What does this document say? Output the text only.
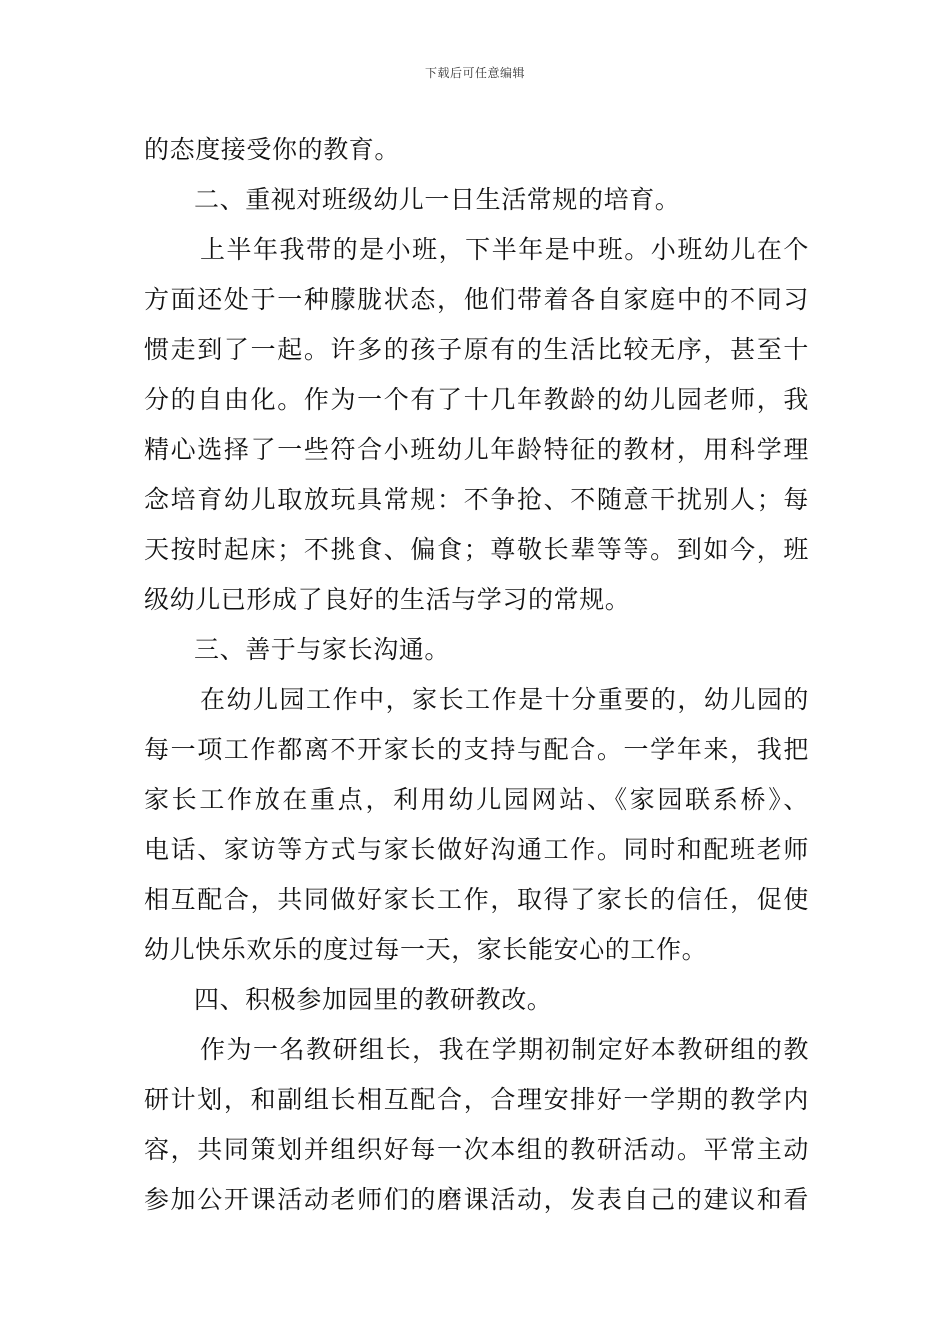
下载后可任意编辑
的态度接受你的教育。
二、重视对班级幼儿一日生活常规的培育。
上半年我带的是小班，下半年是中班。小班幼儿在个
方面还处于一种朦胧状态，他们带着各自家庭中的不同习
惯走到了一起。许多的孩子原有的生活比较无序，甚至十
分的自由化。作为一个有了十几年教龄的幼儿园老师，我
精心选择了一些符合小班幼儿年龄特征的教材，用科学理
念培育幼儿取放玩具常规：不争抢、不随意干扰别人；每
天按时起床；不挑食、偏食；尊敬长辈等等。到如今，班
级幼儿已形成了良好的生活与学习的常规。
三、善于与家长沟通。
在幼儿园工作中，家长工作是十分重要的，幼儿园的
每一项工作都离不开家长的支持与配合。一学年来，我把
家长工作放在重点，利用幼儿园网站、《家园联系桥》、
电话、家访等方式与家长做好沟通工作。同时和配班老师
相互配合，共同做好家长工作，取得了家长的信任，促使
幼儿快乐欢乐的度过每一天，家长能安心的工作。
四、积极参加园里的教研教改。
作为一名教研组长，我在学期初制定好本教研组的教
研计划，和副组长相互配合，合理安排好一学期的教学内
容，共同策划并组织好每一次本组的教研活动。平常主动
参加公开课活动老师们的磨课活动，发表自己的建议和看
